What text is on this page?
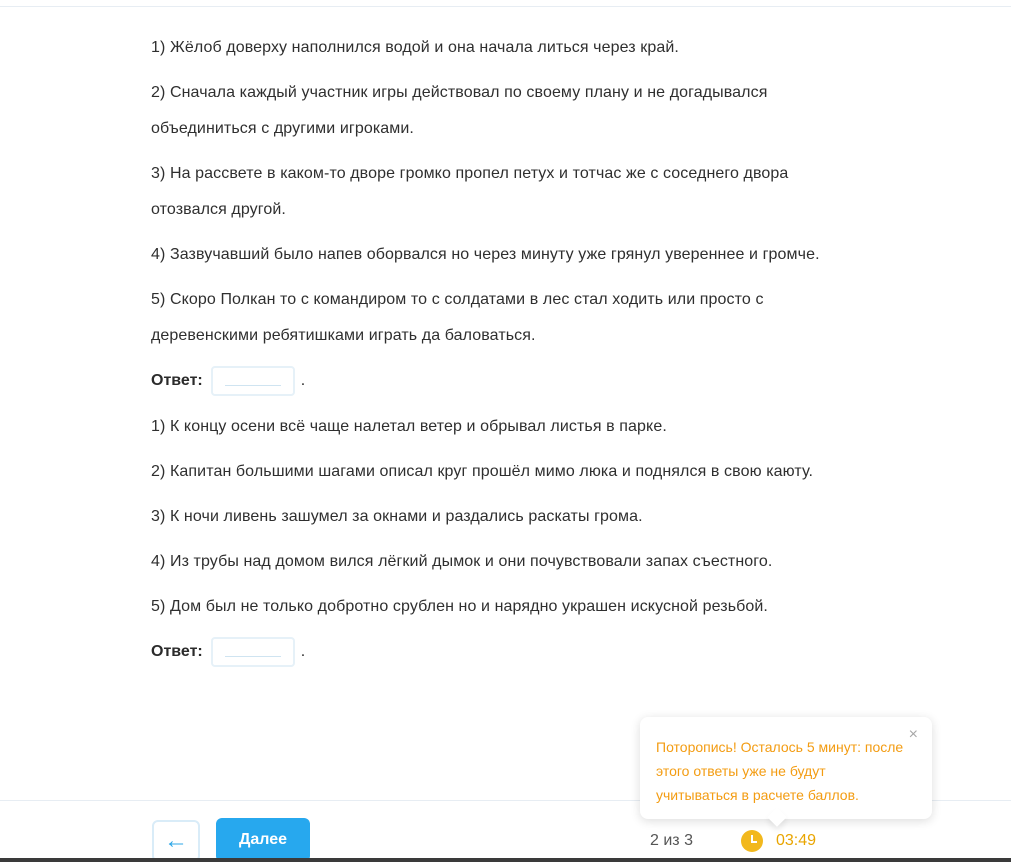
1) Жёлоб доверху наполнился водой и она начала литься через край.

2) Сначала каждый участник игры действовал по своему плану и не догадывался объединиться с другими игроками.

3) На рассвете в каком-то дворе громко пропел петух и тотчас же с соседнего двора отозвался другой.

4) Зазвучавший было напев оборвался но через минуту уже грянул увереннее и громче.

5) Скоро Полкан то с командиром то с солдатами в лес стал ходить или просто с деревенскими ребятишками играть да баловаться.

Ответ:	.

1) К концу осени всё чаще налетал ветер и обрывал листья в парке.

2) Капитан большими шагами описал круг прошёл мимо люка и поднялся в свою каюту.

3) К ночи ливень зашумел за окнами и раздались раскаты грома.

4) Из трубы над домом вился лёгкий дымок и они почувствовали запах съестного.

5) Дом был не только добротно срублен но и нарядно украшен искусной резьбой.

Ответ:	.
←	Далее	2 из 3	03:49
×
Поторопись! Осталось 5 минут: после этого ответы уже не будут учитываться в расчете баллов.
